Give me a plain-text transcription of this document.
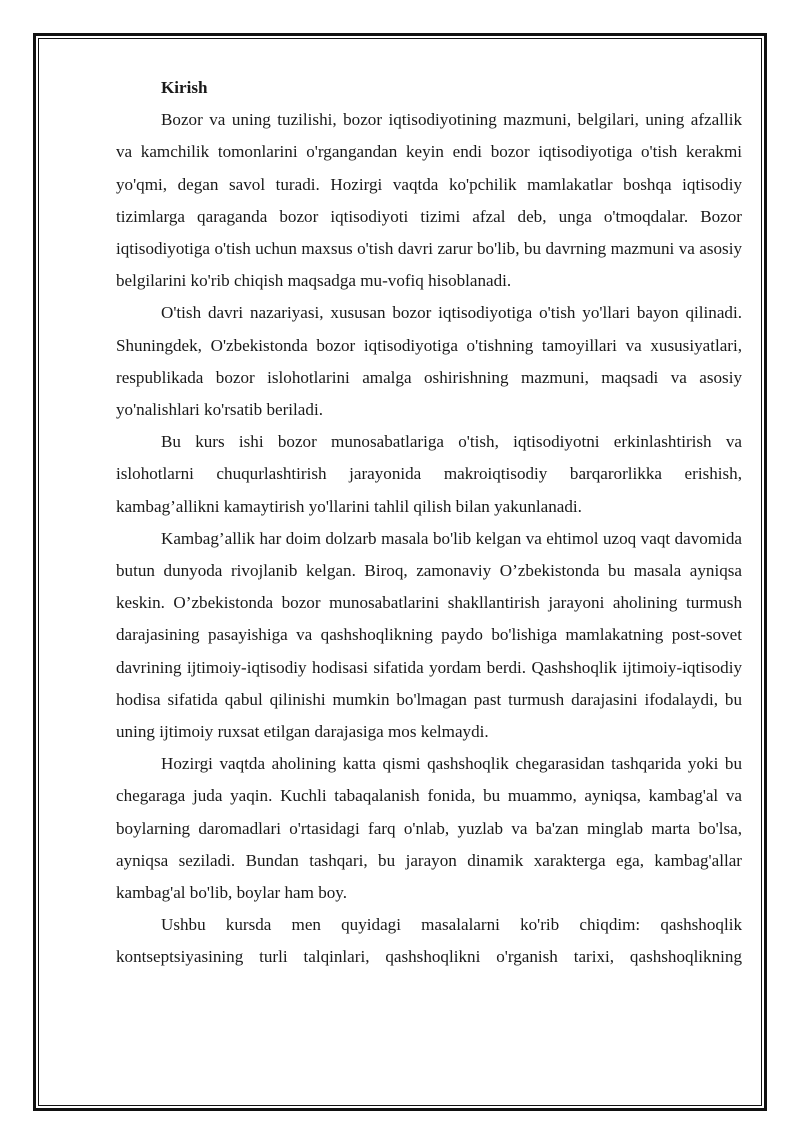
Kirish

Bozor va uning tuzilishi, bozor iqtisodiyotining mazmuni, belgilari, uning afzallik va kamchilik tomonlarini o'rgangandan keyin endi bozor iqtisodiyotiga o'tish kerakmi yo'qmi, degan savol turadi. Hozirgi vaqtda ko'pchilik mamlakatlar boshqa iqtisodiy tizimlarga qaraganda bozor iqtisodiyoti tizimi afzal deb, unga o'tmoqdalar. Bozor iqtisodiyotiga o'tish uchun maxsus o'tish davri zarur bo'lib, bu davrning mazmuni va asosiy belgilarini ko'rib chiqish maqsadga mu-vofiq hisoblanadi.

O'tish davri nazariyasi, xususan bozor iqtisodiyotiga o'tish yo'llari bayon qilinadi. Shuningdek, O'zbekistonda bozor iqtisodiyotiga o'tishning tamoyillari va xususiyatlari, respublikada bozor islohotlarini amalga oshirishning mazmuni, maqsadi va asosiy yo'nalishlari ko'rsatib beriladi.

Bu kurs ishi bozor munosabatlariga o'tish, iqtisodiyotni erkinlashtirish va islohotlarni chuqurlashtirish jarayonida makroiqtisodiy barqarorlikka erishish, kambag’allikni kamaytirish yo'llarini tahlil qilish bilan yakunlanadi.

Kambag’allik har doim dolzarb masala bo'lib kelgan va ehtimol uzoq vaqt davomida butun dunyoda rivojlanib kelgan. Biroq, zamonaviy O’zbekistonda bu masala ayniqsa keskin. O’zbekistonda bozor munosabatlarini shakllantirish jarayoni aholining turmush darajasining pasayishiga va qashshoqlikning paydo bo'lishiga mamlakatning post-sovet davrining ijtimoiy-iqtisodiy hodisasi sifatida yordam berdi. Qashshoqlik ijtimoiy-iqtisodiy hodisa sifatida qabul qilinishi mumkin bo'lmagan past turmush darajasini ifodalaydi, bu uning ijtimoiy ruxsat etilgan darajasiga mos kelmaydi.

Hozirgi vaqtda aholining katta qismi qashshoqlik chegarasidan tashqarida yoki bu chegaraga juda yaqin. Kuchli tabaqalanish fonida, bu muammo, ayniqsa, kambag'al va boylarning daromadlari o'rtasidagi farq o'nlab, yuzlab va ba'zan minglab marta bo'lsa, ayniqsa seziladi. Bundan tashqari, bu jarayon dinamik xarakterga ega, kambag'allar kambag'al bo'lib, boylar ham boy.

Ushbu kursda men quyidagi masalalarni ko'rib chiqdim: qashshoqlik kontseptsiyasining turli talqinlari, qashshoqlikni o'rganish tarixi, qashshoqlikning
